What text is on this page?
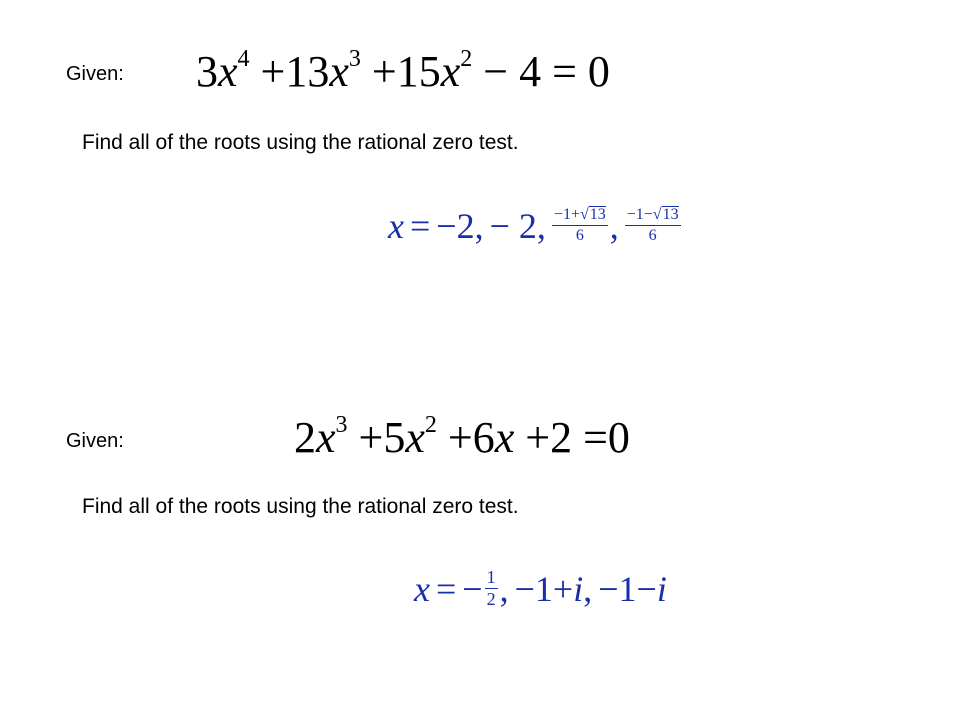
Given: $3x^4 +13x^3 +15x^2 - 4 = 0$
Find all of the roots using the rational zero test.
x = −2, − 2, $\frac{-1+√13}{6}$ , $\frac{-1-√13}{6}$
Given:	$2x^3 +5x^2 +6x +2 =0$
Find all of the roots using the rational zero test.
x = − $\frac{1}{2}$ , −1+ i , −1− i
